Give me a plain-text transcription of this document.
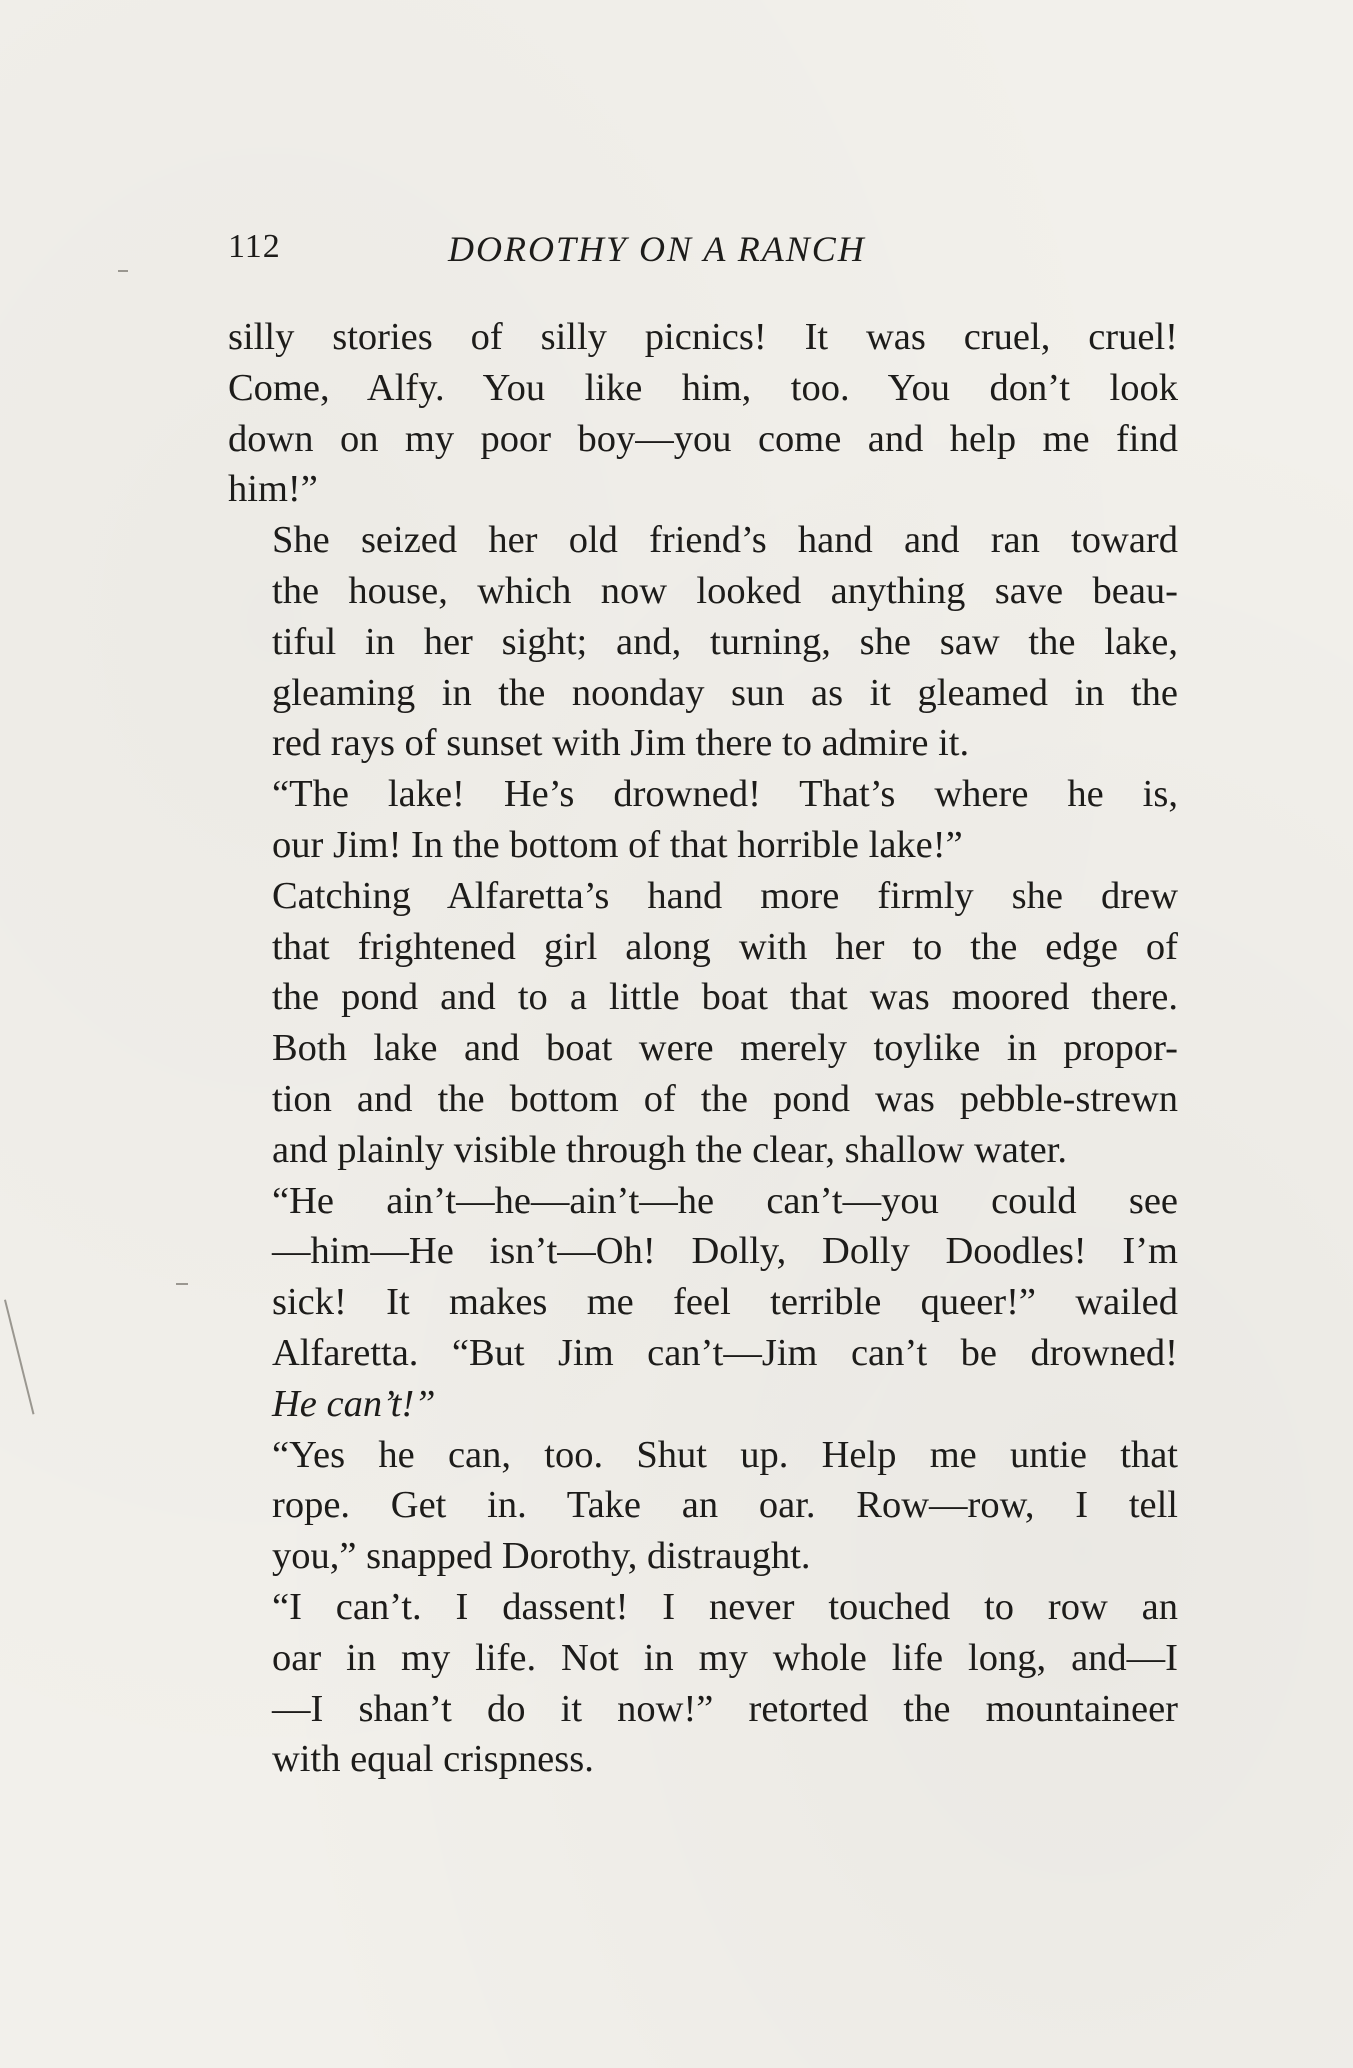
112	DOROTHY ON A RANCH

silly stories of silly picnics! It was cruel, cruel!
Come, Alfy. You like him, too. You don’t look
down on my poor boy—you come and help me find
him!”

She seized her old friend’s hand and ran toward
the house, which now looked anything save beau-
tiful in her sight; and, turning, she saw the lake,
gleaming in the noonday sun as it gleamed in the
red rays of sunset with Jim there to admire it.

“The lake! He’s drowned! That’s where he is,
our Jim! In the bottom of that horrible lake!”

Catching Alfaretta’s hand more firmly she drew
that frightened girl along with her to the edge of
the pond and to a little boat that was moored there.
Both lake and boat were merely toylike in propor-
tion and the bottom of the pond was pebble-strewn
and plainly visible through the clear, shallow water.

“He ain’t—he—ain’t—he can’t—you could see
—him—He isn’t—Oh! Dolly, Dolly Doodles! I’m
sick! It makes me feel terrible queer!” wailed
Alfaretta. “But Jim can’t—Jim can’t be drowned!
He can’t!”

“Yes he can, too. Shut up. Help me untie that
rope. Get in. Take an oar. Row—row, I tell
you,” snapped Dorothy, distraught.

“I can’t. I dassent! I never touched to row an
oar in my life. Not in my whole life long, and—I
—I shan’t do it now!” retorted the mountaineer
with equal crispness.
